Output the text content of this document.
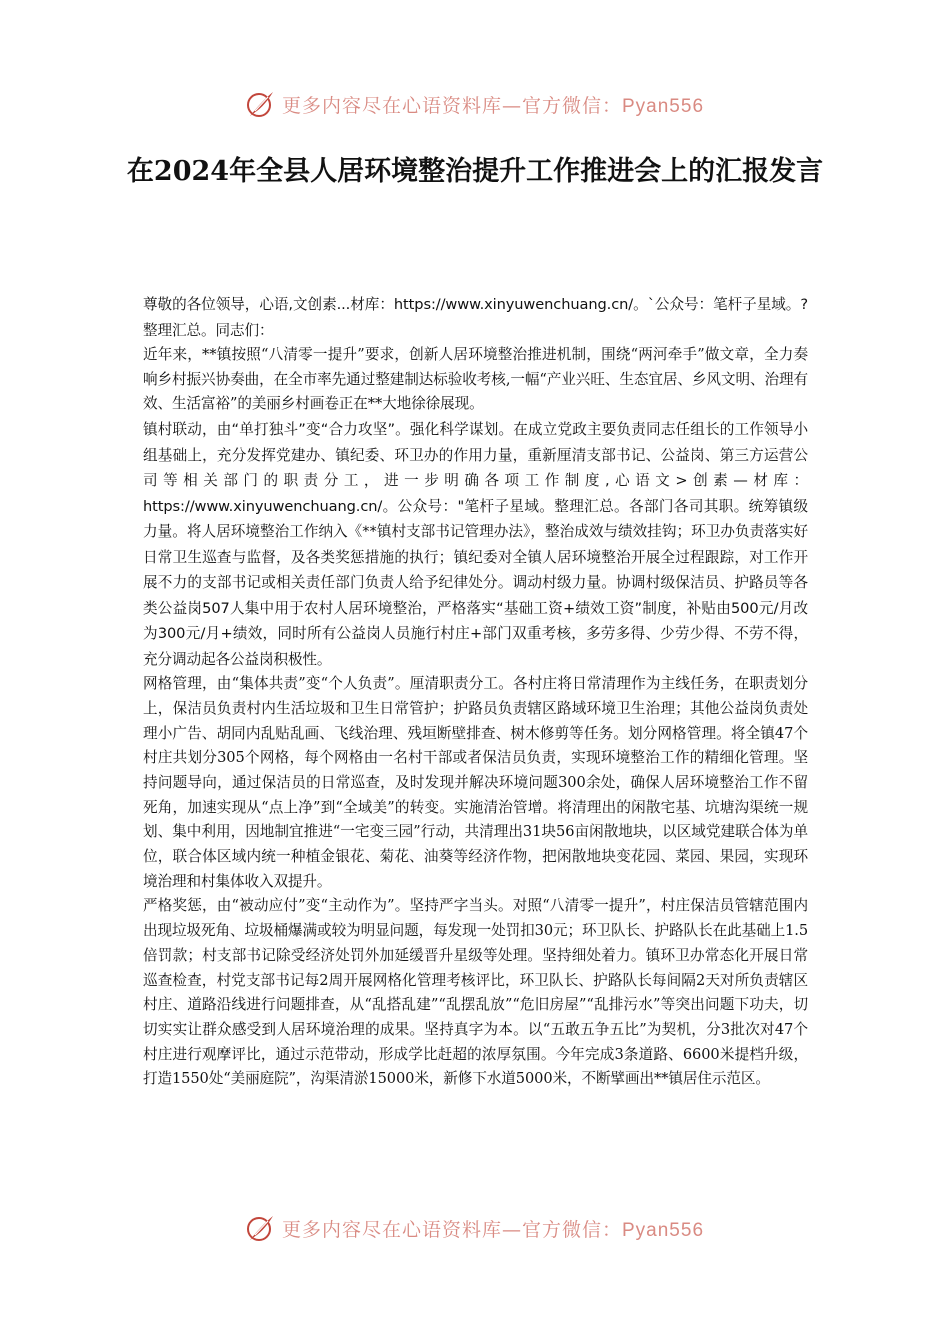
更多内容尽在心语资料库—官方微信：Pyan556
在2024年全县人居环境整治提升工作推进会上的汇报发言

尊敬的各位领导，心语,文创素...材库：https://www.xinyuwenchuang.cn/。`公众号：笔杆子星域。?整理汇总。同志们：

近年来，**镇按照“八清零一提升”要求，创新人居环境整治推进机制，围绕“两河牵手”做文章，全力奏响乡村振兴协奏曲，在全市率先通过整建制达标验收考核,一幅“产业兴旺、生态宜居、乡风文明、治理有效、生活富裕”的美丽乡村画卷正在**大地徐徐展现。

镇村联动，由“单打独斗”变“合力攻坚”。强化科学谋划。在成立党政主要负责同志任组长的工作领导小组基础上，充分发挥党建办、镇纪委、环卫办的作用力量，重新厘清支部书记、公益岗、第三方运营公司等相关部门的职责分工，进一步明确各项工作制度,心语文>创素—材库：https://www.xinyuwenchuang.cn/。公众号："笔杆子星域。整理汇总。各部门各司其职。统筹镇级力量。将人居环境整治工作纳入《**镇村支部书记管理办法》，整治成效与绩效挂钩；环卫办负责落实好日常卫生巡查与监督，及各类奖惩措施的执行；镇纪委对全镇人居环境整治开展全过程跟踪，对工作开展不力的支部书记或相关责任部门负责人给予纪律处分。调动村级力量。协调村级保洁员、护路员等各类公益岗507人集中用于农村人居环境整治，严格落实“基础工资+绩效工资”制度，补贴由500元/月改为300元/月+绩效，同时所有公益岗人员施行村庄+部门双重考核，多劳多得、少劳少得、不劳不得，充分调动起各公益岗积极性。

网格管理，由“集体共责”变“个人负责”。厘清职责分工。各村庄将日常清理作为主线任务，在职责划分上，保洁员负责村内生活垃圾和卫生日常管护；护路员负责辖区路域环境卫生治理；其他公益岗负责处理小广告、胡同内乱贴乱画、飞线治理、残垣断壁排查、树木修剪等任务。划分网格管理。将全镇47个村庄共划分305个网格，每个网格由一名村干部或者保洁员负责，实现环境整治工作的精细化管理。坚持问题导向，通过保洁员的日常巡查，及时发现并解决环境问题300余处，确保人居环境整治工作不留死角，加速实现从“点上净”到“全域美”的转变。实施清治管增。将清理出的闲散宅基、坑塘沟渠统一规划、集中利用，因地制宜推进“一宅变三园”行动，共清理出31块56亩闲散地块，以区域党建联合体为单位，联合体区域内统一种植金银花、菊花、油葵等经济作物，把闲散地块变花园、菜园、果园，实现环境治理和村集体收入双提升。

严格奖惩，由“被动应付”变“主动作为”。坚持严字当头。对照“八清零一提升”，村庄保洁员管辖范围内出现垃圾死角、垃圾桶爆满或较为明显问题，每发现一处罚扣30元；环卫队长、护路队长在此基础上1.5倍罚款；村支部书记除受经济处罚外加延缓晋升星级等处理。坚持细处着力。镇环卫办常态化开展日常巡查检查，村党支部书记每2周开展网格化管理考核评比，环卫队长、护路队长每间隔2天对所负责辖区村庄、道路沿线进行问题排查，从“乱搭乱建”“乱摆乱放”“危旧房屋”“乱排污水”等突出问题下功夫，切切实实让群众感受到人居环境治理的成果。坚持真字为本。以“五敢五争五比”为契机，分3批次对47个村庄进行观摩评比，通过示范带动，形成学比赶超的浓厚氛围。今年完成3条道路、6600米提档升级，打造1550处“美丽庭院”，沟渠清淤15000米，新修下水道5000米，不断擘画出**镇居住示范区。

更多内容尽在心语资料库—官方微信：Pyan556
